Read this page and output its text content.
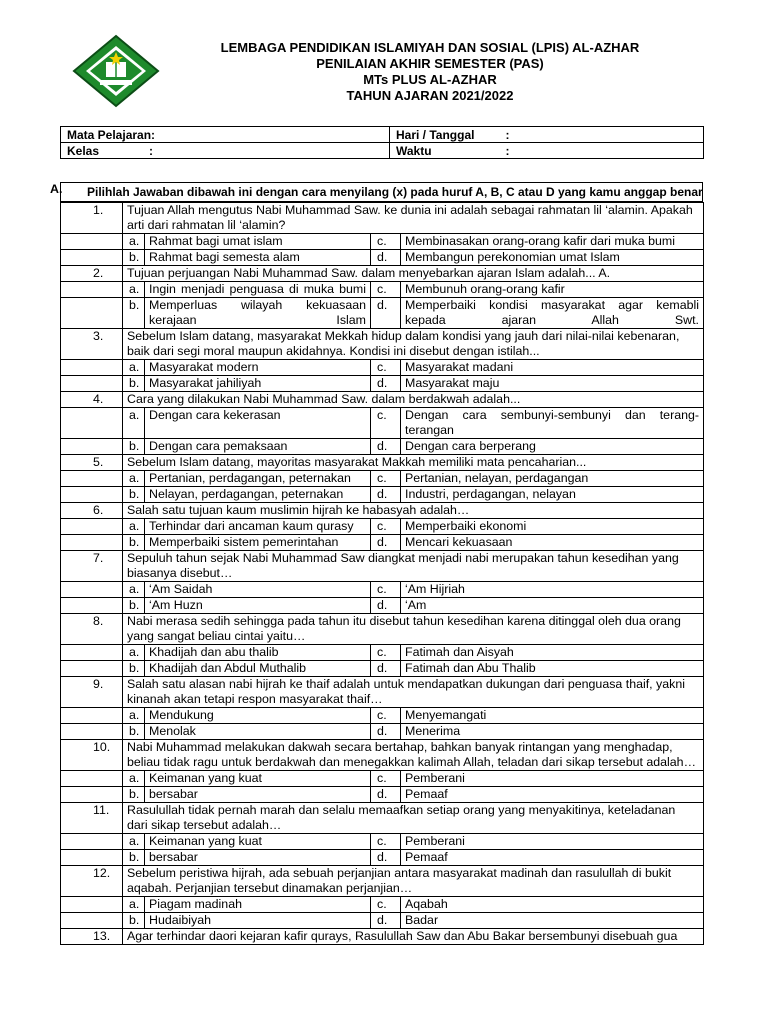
LEMBAGA PENDIDIKAN ISLAMIYAH DAN SOSIAL (LPIS) AL-AZHAR
PENILAIAN AKHIR SEMESTER (PAS)
MTs PLUS AL-AZHAR
TAHUN AJARAN 2021/2022
Mata Pelajaran:	Hari / Tanggal	:
Kelas :	Waktu	:
A.	Pilihlah Jawaban dibawah ini dengan cara menyilang (x) pada huruf A, B, C atau D yang kamu anggap benar
1.	Tujuan Allah mengutus Nabi Muhammad Saw. ke dunia ini adalah sebagai rahmatan lil ‘alamin. Apakah arti dari rahmatan lil ‘alamin?			
	a.	Rahmat bagi umat islam	c.	Membinasakan orang-orang kafir dari muka bumi
	b.	Rahmat bagi semesta alam	d.	Membangun perekonomian umat Islam
2.	Tujuan perjuangan Nabi Muhammad Saw. dalam menyebarkan ajaran Islam adalah... A.			
	a.	Ingin menjadi penguasa di muka bumi	c.	Membunuh orang-orang kafir
	b.	Memperluas wilayah kekuasaan kerajaan Islam	d.	Memperbaiki kondisi masyarakat agar kemabli kepada ajaran Allah Swt.
3.	Sebelum Islam datang, masyarakat Mekkah hidup dalam kondisi yang jauh dari nilai-nilai kebenaran, baik dari segi moral maupun akidahnya. Kondisi ini disebut dengan istilah...			
	a.	Masyarakat modern	c.	Masyarakat madani
	b.	Masyarakat jahiliyah	d.	Masyarakat maju
4.	Cara yang dilakukan Nabi Muhammad Saw. dalam berdakwah adalah...			
	a.	Dengan cara kekerasan	c.	Dengan cara sembunyi-sembunyi dan terang-terangan
	b.	Dengan cara pemaksaan	d.	Dengan cara berperang
5.	Sebelum Islam datang, mayoritas masyarakat Makkah memiliki mata pencaharian...			
	a.	Pertanian, perdagangan, peternakan	c.	Pertanian, nelayan, perdagangan
	b.	Nelayan, perdagangan, peternakan	d.	Industri, perdagangan, nelayan
6.	Salah satu tujuan kaum muslimin hijrah ke habasyah adalah…			
	a.	Terhindar dari ancaman kaum qurasy	c.	Memperbaiki ekonomi
	b.	Memperbaiki sistem pemerintahan	d.	Mencari kekuasaan
7.	Sepuluh tahun sejak Nabi Muhammad Saw diangkat menjadi nabi merupakan tahun kesedihan yang biasanya disebut…			
	a.	‘Am Saidah	c.	‘Am Hijriah
	b.	‘Am Huzn	d.	‘Am
8.	Nabi merasa sedih sehingga pada tahun itu disebut tahun kesedihan karena ditinggal oleh dua orang yang sangat beliau cintai yaitu…			
	a.	Khadijah dan abu thalib	c.	Fatimah dan Aisyah
	b.	Khadijah dan Abdul Muthalib	d.	Fatimah dan Abu Thalib
9.	Salah satu alasan nabi hijrah ke thaif adalah untuk mendapatkan dukungan dari penguasa thaif, yakni kinanah akan tetapi respon masyarakat thaif…			
	a.	Mendukung	c.	Menyemangati
	b.	Menolak	d.	Menerima
10.	Nabi Muhammad melakukan dakwah secara bertahap, bahkan banyak rintangan yang menghadap, beliau tidak ragu untuk berdakwah dan menegakkan kalimah Allah, teladan dari sikap tersebut adalah…			
	a.	Keimanan yang kuat	c.	Pemberani
	b.	bersabar	d.	Pemaaf
11.	Rasulullah tidak pernah marah dan selalu memaafkan setiap orang yang menyakitinya, keteladanan dari sikap tersebut adalah…			
	a.	Keimanan yang kuat	c.	Pemberani
	b.	bersabar	d.	Pemaaf
12.	Sebelum peristiwa hijrah, ada sebuah perjanjian antara masyarakat madinah dan rasulullah di bukit aqabah. Perjanjian tersebut dinamakan perjanjian…			
	a.	Piagam madinah	c.	Aqabah
	b.	Hudaibiyah	d.	Badar
13.	Agar terhindar daori kejaran kafir qurays, Rasulullah Saw dan Abu Bakar bersembunyi disebuah gua			
